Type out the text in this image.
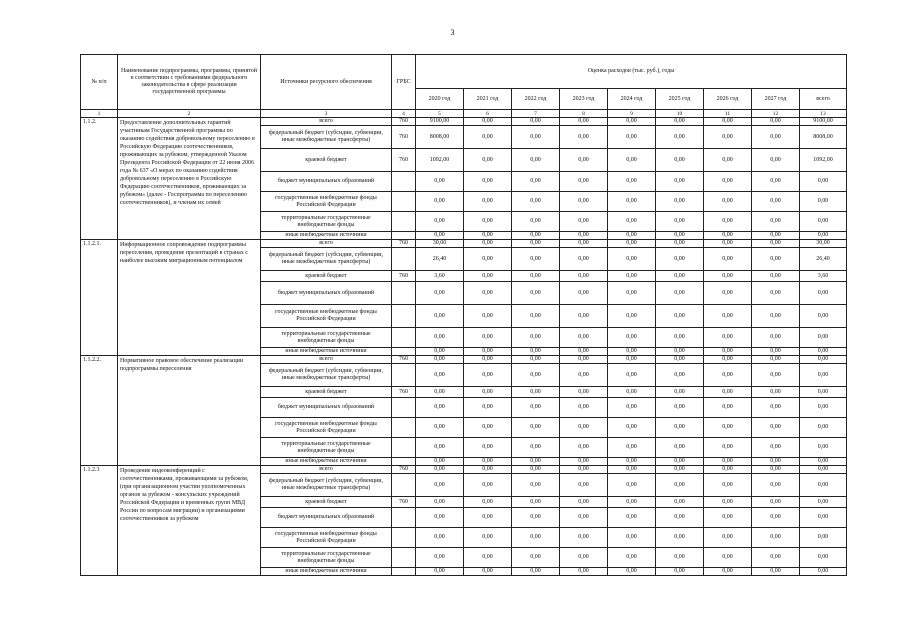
3
№ п/п	Наименование подпрограммы, программы, принятой в соответствии с требованиями федерального законодательства в сфере реализации государственной программы	Источники ресурсного обеспечения	ГРБС	Оценка расходов (тыс. руб.), годы								
				2020 год	2021 год	2022 год	2023 год	2024 год	2025 год	2026 год	2027 год	всего
1	2	3	4	5	6	7	8	9	10	11	12	13
1.1.2.	Предоставление дополнительных гарантий участникам Государственной программы по оказанию содействия добровольному переселению в Российскую Федерацию соотечественников, проживающих за рубежом, утвержденной Указом Президента Российской Федерации от 22 июня 2006 года № 637 «О мерах по оказанию содействия добровольному переселению в Российскую Федерацию соотечественников, проживающих за рубежом» (далее - Госпрограмма по переселению соотечественников), и членам их семей	всего	760	9100,00	0,00	0,00	0,00	0,00	0,00	0,00	0,00	9100,00
		федеральный бюджет (субсидии, субвенции, иные межбюджетные трансферты)	760	8008,00	0,00	0,00	0,00	0,00	0,00	0,00	0,00	8008,00
		краевой бюджет	760	1092,00	0,00	0,00	0,00	0,00	0,00	0,00	0,00	1092,00
		бюджет муниципальных образований		0,00	0,00	0,00	0,00	0,00	0,00	0,00	0,00	0,00
		государственные внебюджетные фонды Российской Федерации		0,00	0,00	0,00	0,00	0,00	0,00	0,00	0,00	0,00
		территориальные государственные внебюджетные фонды		0,00	0,00	0,00	0,00	0,00	0,00	0,00	0,00	0,00
		иные внебюджетные источники		0,00	0,00	0,00	0,00	0,00	0,00	0,00	0,00	0,00
1.1.2.1.	Информационное сопровождение подпрограммы переселения, проведение презентаций в странах с наиболее высоким миграционным потенциалом	всего	760	30,00	0,00	0,00	0,00	0,00	0,00	0,00	0,00	30,00
		федеральный бюджет (субсидии, субвенции, иные межбюджетные трансферты)		26,40	0,00	0,00	0,00	0,00	0,00	0,00	0,00	26,40
		краевой бюджет	760	3,60	0,00	0,00	0,00	0,00	0,00	0,00	0,00	3,60
		бюджет муниципальных образований		0,00	0,00	0,00	0,00	0,00	0,00	0,00	0,00	0,00
		государственные внебюджетные фонды Российской Федерации		0,00	0,00	0,00	0,00	0,00	0,00	0,00	0,00	0,00
		территориальные государственные внебюджетные фонды		0,00	0,00	0,00	0,00	0,00	0,00	0,00	0,00	0,00
		иные внебюджетные источники		0,00	0,00	0,00	0,00	0,00	0,00	0,00	0,00	0,00
1.1.2.2.	Нормативное правовое обеспечение реализации подпрограммы переселения	всего	760	0,00	0,00	0,00	0,00	0,00	0,00	0,00	0,00	0,00
		федеральный бюджет (субсидии, субвенции, иные межбюджетные трансферты)		0,00	0,00	0,00	0,00	0,00	0,00	0,00	0,00	0,00
		краевой бюджет	760	0,00	0,00	0,00	0,00	0,00	0,00	0,00	0,00	0,00
		бюджет муниципальных образований		0,00	0,00	0,00	0,00	0,00	0,00	0,00	0,00	0,00
		государственные внебюджетные фонды Российской Федерации		0,00	0,00	0,00	0,00	0,00	0,00	0,00	0,00	0,00
		территориальные государственные внебюджетные фонды		0,00	0,00	0,00	0,00	0,00	0,00	0,00	0,00	0,00
		иные внебюджетные источники		0,00	0,00	0,00	0,00	0,00	0,00	0,00	0,00	0,00
1.1.2.3	Проведение видеоконференций с соотечественниками, проживающими за рубежом, (при организационном участии уполномоченных органов за рубежом - консульских учреждений Российской Федерации и временных групп МВД России по вопросам миграции) и организациями соотечественников за рубежом	всего	760	0,00	0,00	0,00	0,00	0,00	0,00	0,00	0,00	0,00
		федеральный бюджет (субсидии, субвенции, иные межбюджетные трансферты)		0,00	0,00	0,00	0,00	0,00	0,00	0,00	0,00	0,00
		краевой бюджет	760	0,00	0,00	0,00	0,00	0,00	0,00	0,00	0,00	0,00
		бюджет муниципальных образований		0,00	0,00	0,00	0,00	0,00	0,00	0,00	0,00	0,00
		государственные внебюджетные фонды Российской Федерации		0,00	0,00	0,00	0,00	0,00	0,00	0,00	0,00	0,00
		территориальные государственные внебюджетные фонды		0,00	0,00	0,00	0,00	0,00	0,00	0,00	0,00	0,00
		иные внебюджетные источники		0,00	0,00	0,00	0,00	0,00	0,00	0,00	0,00	0,00
